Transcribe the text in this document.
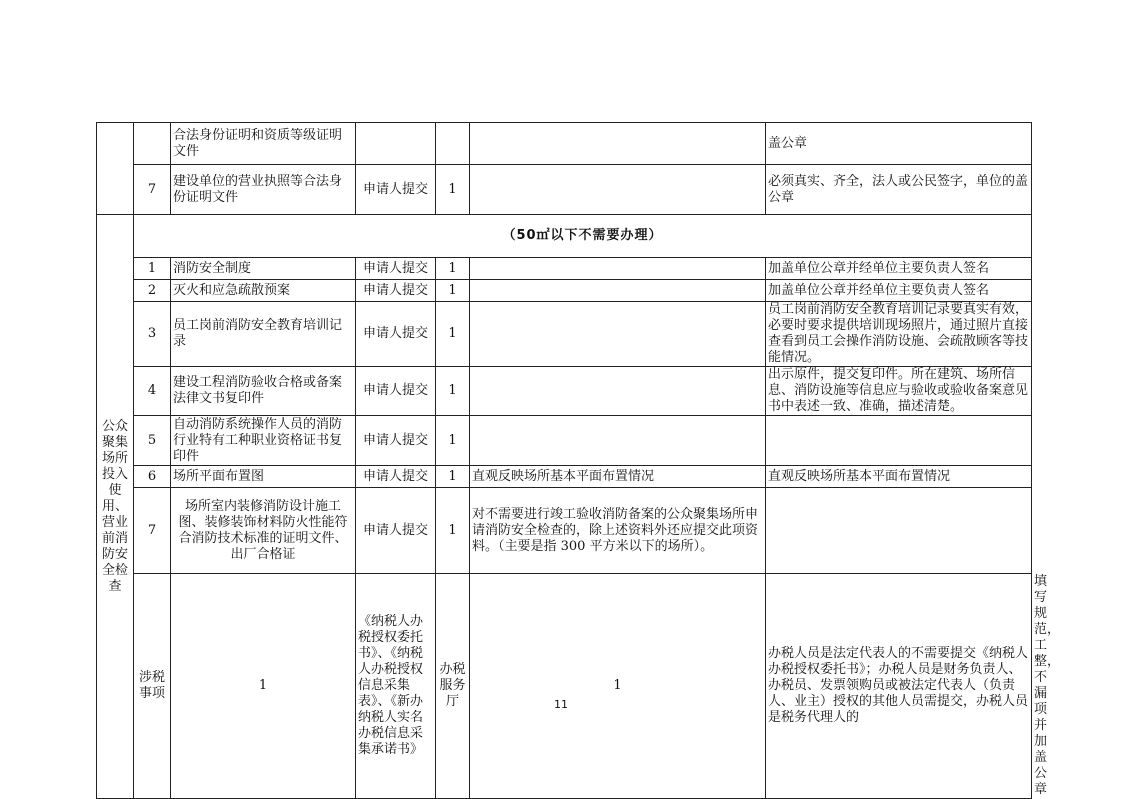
		合法身份证明和资质等级证明文件				盖公章	
	7	建设单位的营业执照等合法身份证明文件	申请人提交	1		必须真实、齐全，法人或公民签字，单位的盖公章	
公众聚集场所投入使用、营业前消防安全检查	（50㎡以下不需要办理）						
	1	消防安全制度	申请人提交	1		加盖单位公章并经单位主要负责人签名	
	2	灭火和应急疏散预案	申请人提交	1		加盖单位公章并经单位主要负责人签名	
	3	员工岗前消防安全教育培训记录	申请人提交	1		员工岗前消防安全教育培训记录要真实有效，必要时要求提供培训现场照片，通过照片直接查看到员工会操作消防设施、会疏散顾客等技能情况。	
	4	建设工程消防验收合格或备案法律文书复印件	申请人提交	1		出示原件，提交复印件。所在建筑、场所信息、消防设施等信息应与验收或验收备案意见书中表述一致、准确，描述清楚。	
	5	自动消防系统操作人员的消防行业特有工种职业资格证书复印件	申请人提交	1			
	6	场所平面布置图	申请人提交	1	直观反映场所基本平面布置情况	直观反映场所基本平面布置情况	
	7	场所室内装修消防设计施工图、装修装饰材料防火性能符合消防技术标准的证明文件、出厂合格证	申请人提交	1	对不需要进行竣工验收消防备案的公众聚集场所申请消防安全检查的，除上述资料外还应提交此项资料。（主要是指 300 平方米以下的场所）。		
	涉税事项	1	《纳税人办税授权委托书》、《纳税人办税授权信息采集表》、《新办纳税人实名办税信息采集承诺书》	办税服务厅	1	办税人员是法定代表人的不需要提交《纳税人办税授权委托书》；办税人员是财务负责人、办税员、发票领购员或被法定代表人（负责人、业主）授权的其他人员需提交，办税人员是税务代理人的	填写规范，工整，不漏项并加盖公章
11
